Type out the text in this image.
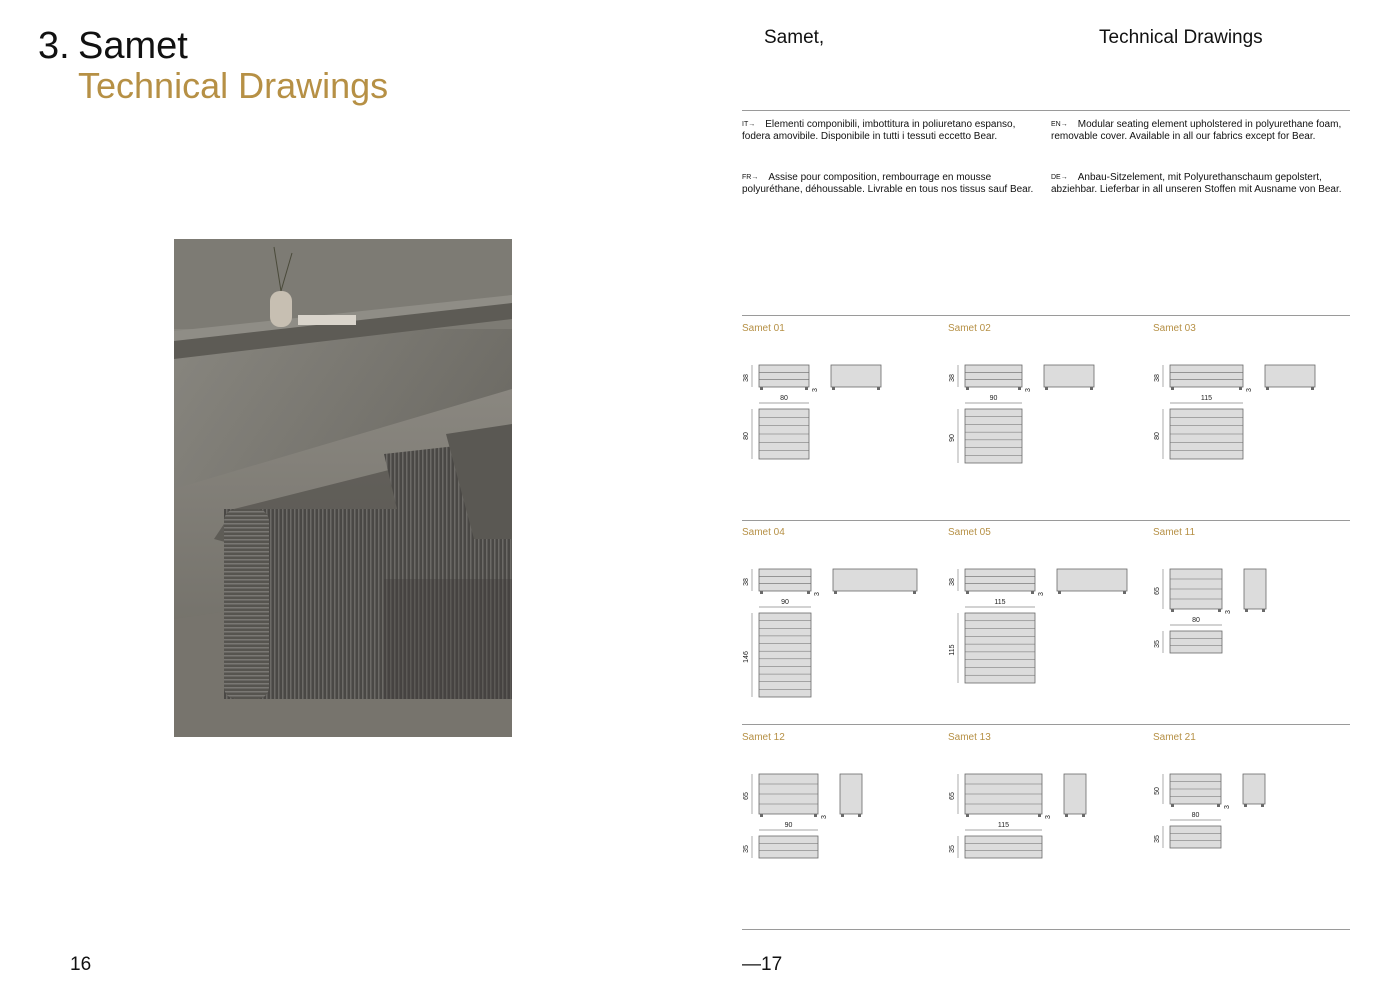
3. Samet
Technical Drawings
16
Samet,	Technical Drawings
$^{IT\to}$ Elementi componibili, imbottitura in poliuretano espanso, fodera amovibile. Disponibile in tutti i tessuti eccetto Bear.
$^{EN\to}$ Modular seating element upholstered in polyurethane foam, removable cover. Available in all our fabrics except for Bear.
$^{FR\to}$ Assise pour composition, rembourrage en mousse polyuréthane, déhoussable. Livrable en tous nos tissus sauf Bear.
$^{DE\to}$ Anbau-Sitzelement, mit Polyurethanschaum gepolstert, abziehbar. Lieferbar in all unseren Stoffen mit Ausname von Bear.
Samet 01
38
3
80
80
Samet 02
38
3
90
90
Samet 03
38
3
115
80
Samet 04
38
3
90
146
Samet 05
38
3
115
115
Samet 11
65
3
80
35
Samet 12
65
3
90
35
Samet 13
65
3
115
35
Samet 21
50
3
80
35
—17
